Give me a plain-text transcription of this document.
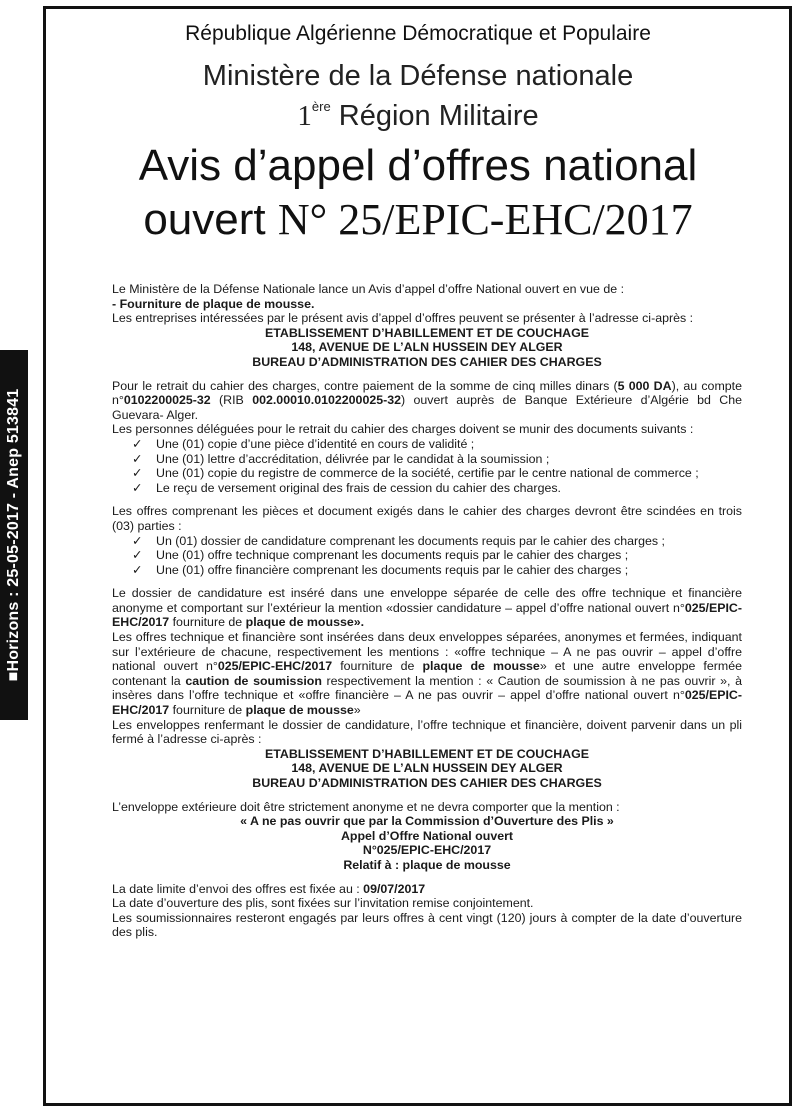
■Horizons : 25-05-2017 - Anep 513841
République Algérienne Démocratique et Populaire
Ministère de la Défense nationale
1ère Région Militaire
Avis d’appel d’offres national
ouvert N° 25/EPIC-EHC/2017

Le Ministère de la Défense Nationale lance un Avis d’appel d’offre National ouvert en vue de :

- Fourniture de plaque de mousse.

Les entreprises intéressées par le présent avis d’appel d’offres peuvent se présenter à l’adresse ci-après :

ETABLISSEMENT D’HABILLEMENT ET DE COUCHAGE

148, AVENUE DE L’ALN HUSSEIN DEY ALGER

BUREAU D’ADMINISTRATION DES CAHIER DES CHARGES

Pour le retrait du cahier des charges, contre paiement de la somme de cinq milles dinars (5 000 DA), au compte n°0102200025-32 (RIB 002.00010.0102200025-32) ouvert auprès de Banque Extérieure d’Algérie bd Che Guevara- Alger.

Les personnes déléguées pour le retrait du cahier des charges doivent se munir des documents suivants :

✓ Une (01) copie d’une pièce d’identité en cours de validité ;
✓ Une (01) lettre d’accréditation, délivrée par le candidat à la soumission ;
✓ Une (01) copie du registre de commerce de la société, certifie par le centre national de commerce ;
✓ Le reçu de versement original des frais de cession du cahier des charges.

Les offres comprenant les pièces et document exigés dans le cahier des charges devront être scindées en trois (03) parties :

✓ Un (01) dossier de candidature comprenant les documents requis par le cahier des charges ;
✓ Une (01) offre technique comprenant les documents requis par le cahier des charges ;
✓ Une (01) offre financière comprenant les documents requis par le cahier des charges ;

Le dossier de candidature est inséré dans une enveloppe séparée de celle des offre technique et financière anonyme et comportant sur l’extérieur la mention «dossier candidature – appel d’offre national ouvert n°025/EPIC-EHC/2017 fourniture de plaque de mousse».

Les offres technique et financière sont insérées dans deux enveloppes séparées, anonymes et fermées, indiquant sur l’extérieure de chacune, respectivement les mentions : «offre technique – A ne pas ouvrir – appel d’offre national ouvert n°025/EPIC-EHC/2017 fourniture de plaque de mousse» et une autre enveloppe fermée contenant la caution de soumission respectivement la mention : « Caution de soumission à ne pas ouvrir », à insères dans l’offre technique et «offre financière – A ne pas ouvrir – appel d’offre national ouvert n°025/EPIC-EHC/2017 fourniture de plaque de mousse»

Les enveloppes renfermant le dossier de candidature, l’offre technique et financière, doivent parvenir dans un pli fermé à l’adresse ci-après :

ETABLISSEMENT D’HABILLEMENT ET DE COUCHAGE

148, AVENUE DE L’ALN HUSSEIN DEY ALGER

BUREAU D’ADMINISTRATION DES CAHIER DES CHARGES

L’enveloppe extérieure doit être strictement anonyme et ne devra comporter que la mention :

« A ne pas ouvrir que par la Commission d’Ouverture des Plis »

Appel d’Offre National ouvert

N°025/EPIC-EHC/2017

Relatif à : plaque de mousse

La date limite d’envoi des offres est fixée au : 09/07/2017

La date d’ouverture des plis, sont fixées sur l’invitation remise conjointement.

Les soumissionnaires resteront engagés par leurs offres à cent vingt (120) jours à compter de la date d’ouverture des plis.
